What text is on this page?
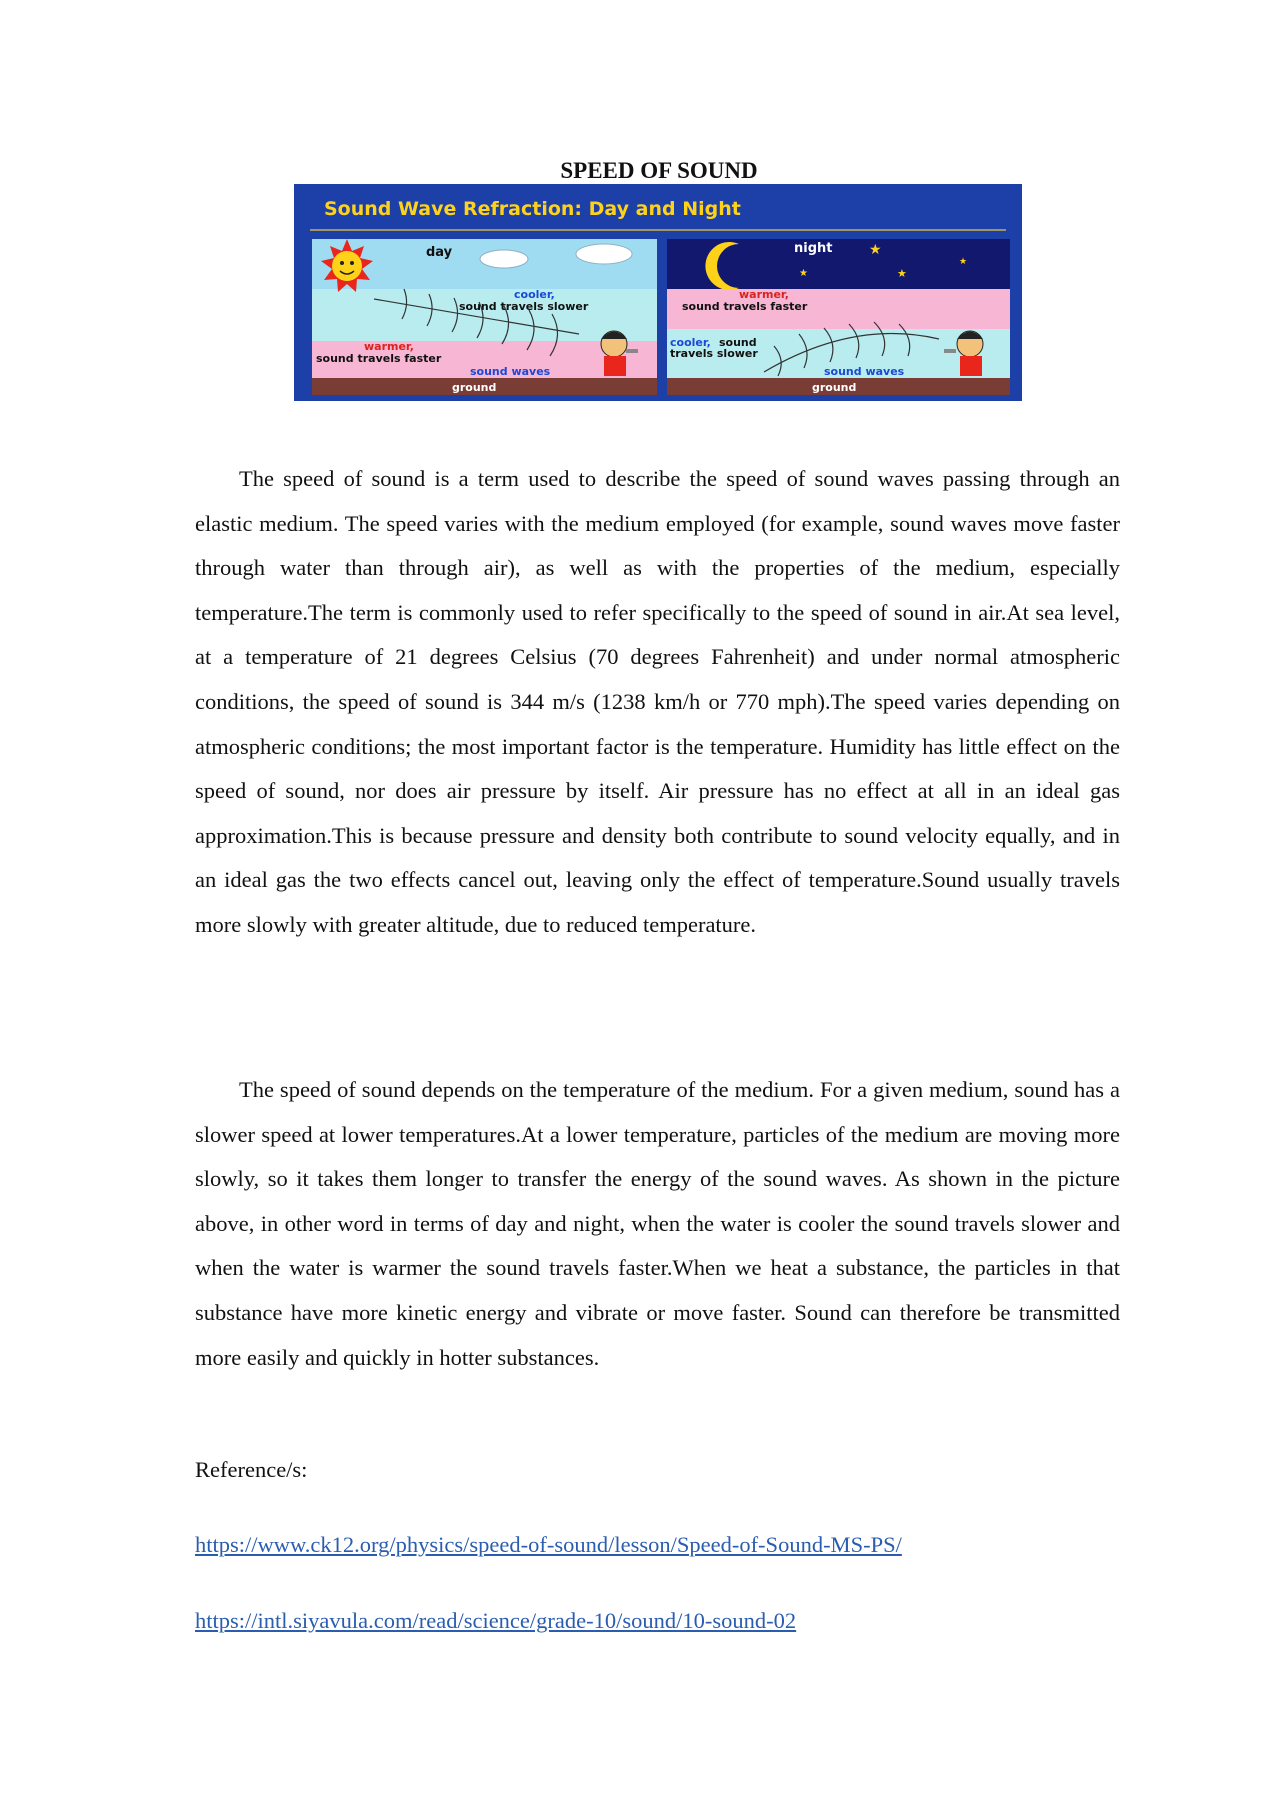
SPEED OF SOUND
Sound Wave Refraction: Day and Night
day
cooler,
sound travels slower
warmer,
sound travels faster
sound waves
ground
night	★
★	★
★
warmer,
sound travels faster
cooler, sound
travels slower
sound waves
ground

The speed of sound is a term used to describe the speed of sound waves passing through an elastic medium. The speed varies with the medium employed (for example, sound waves move faster through water than through air), as well as with the properties of the medium, especially temperature.The term is commonly used to refer specifically to the speed of sound in air.At sea level, at a temperature of 21 degrees Celsius (70 degrees Fahrenheit) and under normal atmospheric conditions, the speed of sound is 344 m/s (1238 km/h or 770 mph).The speed varies depending on atmospheric conditions; the most important factor is the temperature. Humidity has little effect on the speed of sound, nor does air pressure by itself. Air pressure has no effect at all in an ideal gas approximation.This is because pressure and density both contribute to sound velocity equally, and in an ideal gas the two effects cancel out, leaving only the effect of temperature.Sound usually travels more slowly with greater altitude, due to reduced temperature.

The speed of sound depends on the temperature of the medium. For a given medium, sound has a slower speed at lower temperatures.At a lower temperature, particles of the medium are moving more slowly, so it takes them longer to transfer the energy of the sound waves. As shown in the picture above, in other word in terms of day and night, when the water is cooler the sound travels slower and when the water is warmer the sound travels faster.When we heat a substance, the particles in that substance have more kinetic energy and vibrate or move faster. Sound can therefore be transmitted more easily and quickly in hotter substances.

Reference/s:

https://www.ck12.org/physics/speed-of-sound/lesson/Speed-of-Sound-MS-PS/
https://intl.siyavula.com/read/science/grade-10/sound/10-sound-02
